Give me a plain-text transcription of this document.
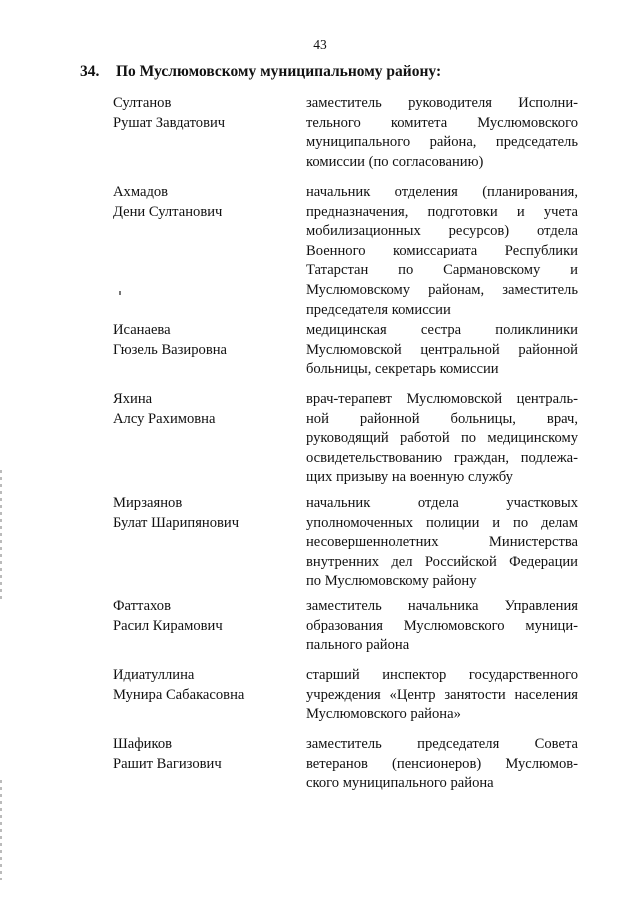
43
34. По Муслюмовскому муниципальному району:
Султанов
Рушат Завдатович
заместитель руководителя Исполни-
тельного комитета Муслюмовского
муниципального района, председатель
комиссии (по согласованию)
Ахмадов
Дени Султанович
начальник отделения (планирования,
предназначения, подготовки и учета
мобилизационных ресурсов) отдела
Военного комиссариата Республики
Татарстан по Сармановскому и
Муслюмовскому районам, заместитель
председателя комиссии
Исанаева
Гюзель Вазировна
медицинская сестра поликлиники
Муслюмовской центральной районной
больницы, секретарь комиссии
Яхина
Алсу Рахимовна
врач-терапевт Муслюмовской централь-
ной районной больницы, врач,
руководящий работой по медицинскому
освидетельствованию граждан, подлежа-
щих призыву на военную службу
Мирзаянов
Булат Шарипянович
начальник отдела участковых
уполномоченных полиции и по делам
несовершеннолетних Министерства
внутренних дел Российской Федерации
по Муслюмовскому району
Фаттахов
Расил Кирамович
заместитель начальника Управления
образования Муслюмовского муници-
пального района
Идиатуллина
Мунира Сабакасовна
старший инспектор государственного
учреждения «Центр занятости населения
Муслюмовского района»
Шафиков
Рашит Вагизович
заместитель председателя Совета
ветеранов (пенсионеров) Муслюмов-
ского муниципального района
